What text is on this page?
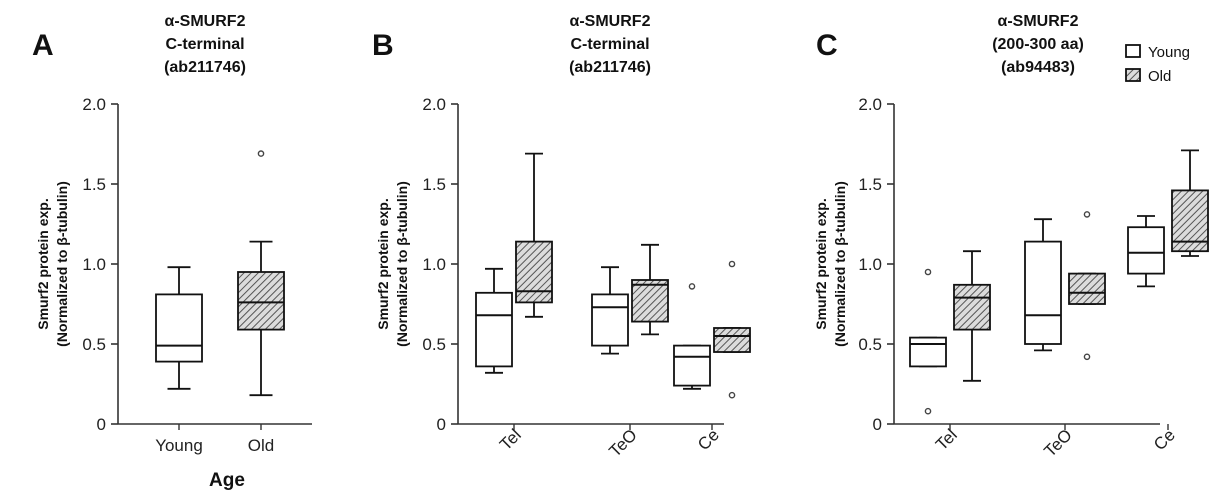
A	B	C
α-SMURF2
C-terminal
(ab211746)
Smurf2 protein exp. (Normalized to β-tubulin)
0
0.5
1.0
1.5
2.0
Young	Old
Age
α-SMURF2
C-terminal
(ab211746)
Smurf2 protein exp. (Normalized to β-tubulin)
0
0.5
1.0
1.5
2.0
Tel	TeO	Ce
α-SMURF2
(200-300 aa)
(ab94483)
Smurf2 protein exp. (Normalized to β-tubulin)
0
0.5
1.0
1.5
2.0
Tel	TeO	Ce
Young
Old
